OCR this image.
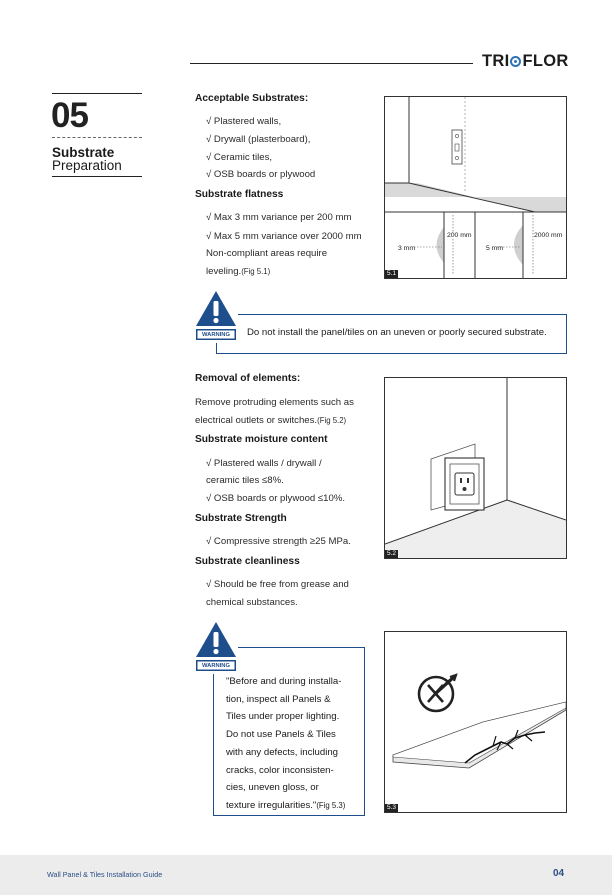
TRI FLOR
05
Substrate
Preparation
Acceptable Substrates:
√ Plastered walls,
√ Drywall (plasterboard),
√ Ceramic tiles,
√ OSB boards or plywood
Substrate flatness
√ Max 3 mm variance per 200 mm
√ Max 5 mm variance over 2000 mm
Non-compliant areas require
leveling.(Fig 5.1)
200 mm
3 mm
2000 mm
5 mm
5.1
WARNING	Do not install the panel/tiles on an uneven or poorly secured substrate.
Removal of elements:
Remove protruding elements such as
electrical outlets or switches.(Fig 5.2)
Substrate moisture content
√ Plastered walls / drywall /
ceramic tiles ≤8%.
√ OSB boards or plywood ≤10%.
Substrate Strength
√ Compressive strength ≥25 MPa.
Substrate cleanliness
√ Should be free from grease and
chemical substances.
5.2
WARNING
"Before and during installa-
tion, inspect all Panels &
Tiles under proper lighting.
Do not use Panels & Tiles
with any defects, including
cracks, color inconsisten-
cies, uneven gloss, or
texture irregularities."(Fig 5.3)	5.3
Wall Panel & Tiles Installation Guide	04
